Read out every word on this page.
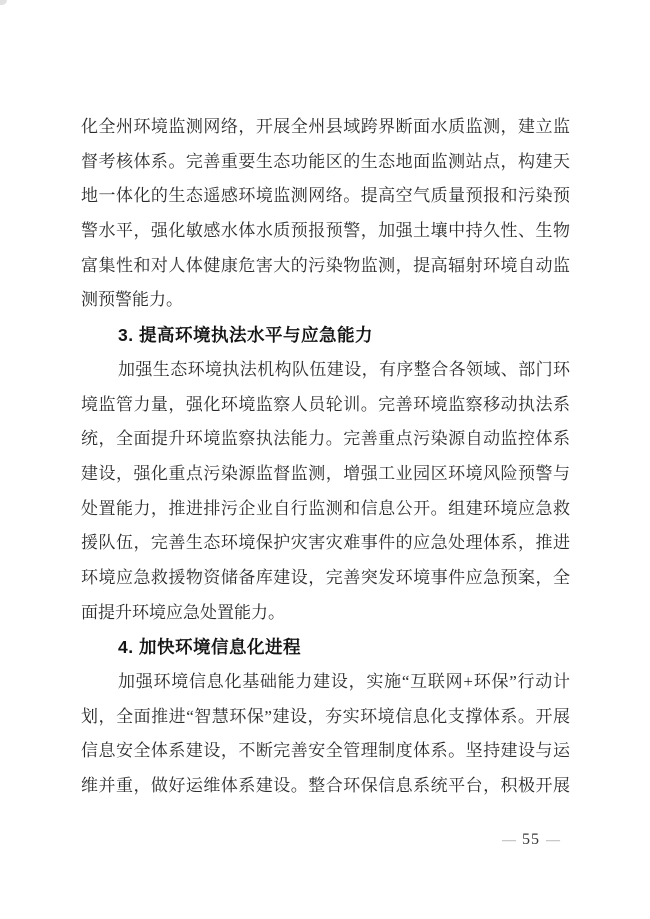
化全州环境监测网络，开展全州县域跨界断面水质监测，建立监
督考核体系。完善重要生态功能区的生态地面监测站点，构建天
地一体化的生态遥感环境监测网络。提高空气质量预报和污染预
警水平，强化敏感水体水质预报预警，加强土壤中持久性、生物
富集性和对人体健康危害大的污染物监测，提高辐射环境自动监
测预警能力。
3. 提高环境执法水平与应急能力
加强生态环境执法机构队伍建设，有序整合各领域、部门环
境监管力量，强化环境监察人员轮训。完善环境监察移动执法系
统，全面提升环境监察执法能力。完善重点污染源自动监控体系
建设，强化重点污染源监督监测，增强工业园区环境风险预警与
处置能力，推进排污企业自行监测和信息公开。组建环境应急救
援队伍，完善生态环境保护灾害灾难事件的应急处理体系，推进
环境应急救援物资储备库建设，完善突发环境事件应急预案，全
面提升环境应急处置能力。
4. 加快环境信息化进程
加强环境信息化基础能力建设，实施“互联网+环保”行动计
划，全面推进“智慧环保”建设，夯实环境信息化支撑体系。开展
信息安全体系建设，不断完善安全管理制度体系。坚持建设与运
维并重，做好运维体系建设。整合环保信息系统平台，积极开展
— 55 —
